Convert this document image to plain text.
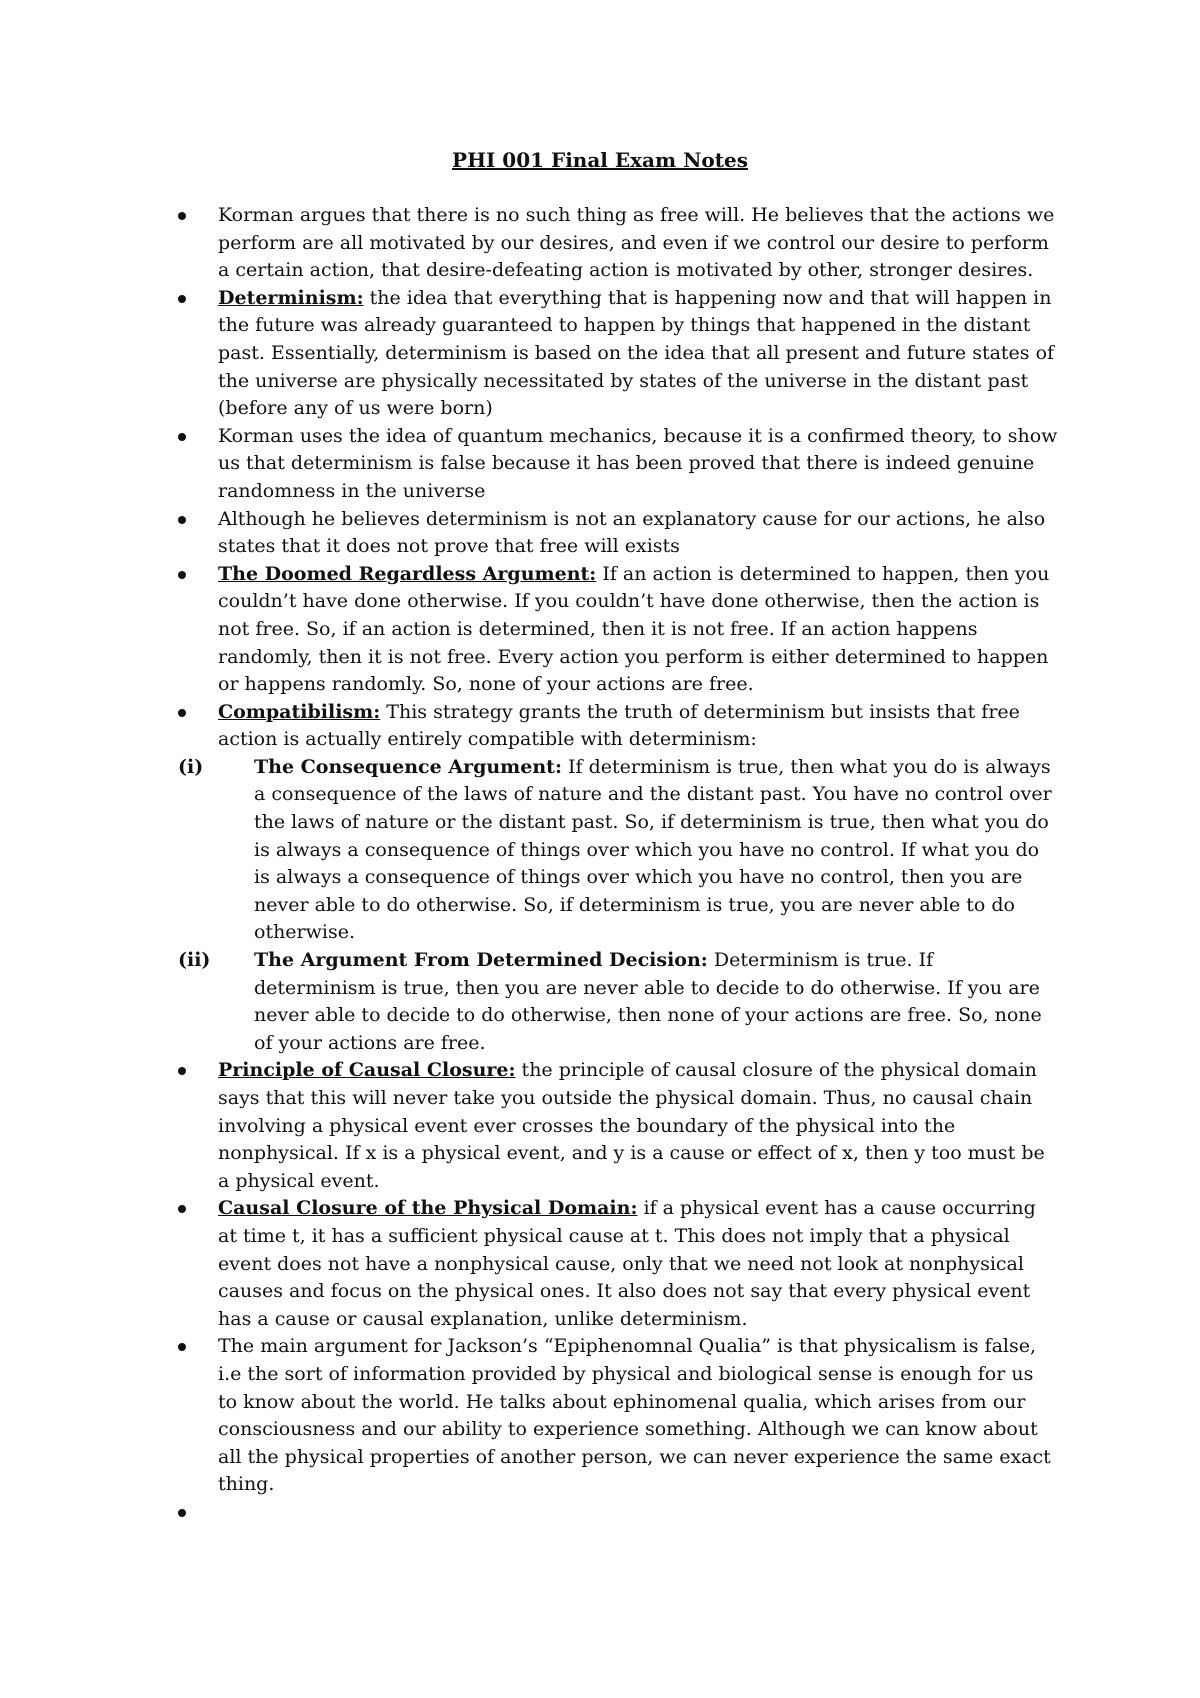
PHI 001 Final Exam Notes
Korman argues that there is no such thing as free will. He believes that the actions we perform are all motivated by our desires, and even if we control our desire to perform a certain action, that desire-defeating action is motivated by other, stronger desires.
Determinism: the idea that everything that is happening now and that will happen in the future was already guaranteed to happen by things that happened in the distant past. Essentially, determinism is based on the idea that all present and future states of the universe are physically necessitated by states of the universe in the distant past (before any of us were born)
Korman uses the idea of quantum mechanics, because it is a confirmed theory, to show us that determinism is false because it has been proved that there is indeed genuine randomness in the universe
Although he believes determinism is not an explanatory cause for our actions, he also states that it does not prove that free will exists
The Doomed Regardless Argument: If an action is determined to happen, then you couldn’t have done otherwise. If you couldn’t have done otherwise, then the action is not free. So, if an action is determined, then it is not free. If an action happens randomly, then it is not free. Every action you perform is either determined to happen or happens randomly. So, none of your actions are free.
Compatibilism: This strategy grants the truth of determinism but insists that free action is actually entirely compatible with determinism:
(i)	The Consequence Argument: If determinism is true, then what you do is always a consequence of the laws of nature and the distant past. You have no control over the laws of nature or the distant past. So, if determinism is true, then what you do is always a consequence of things over which you have no control. If what you do is always a consequence of things over which you have no control, then you are never able to do otherwise. So, if determinism is true, you are never able to do otherwise.
(ii) The Argument From Determined Decision: Determinism is true. If determinism is true, then you are never able to decide to do otherwise. If you are never able to decide to do otherwise, then none of your actions are free. So, none of your actions are free.
Principle of Causal Closure: the principle of causal closure of the physical domain says that this will never take you outside the physical domain. Thus, no causal chain involving a physical event ever crosses the boundary of the physical into the nonphysical. If x is a physical event, and y is a cause or effect of x, then y too must be a physical event.
Causal Closure of the Physical Domain: if a physical event has a cause occurring at time t, it has a sufficient physical cause at t. This does not imply that a physical event does not have a nonphysical cause, only that we need not look at nonphysical causes and focus on the physical ones. It also does not say that every physical event has a cause or causal explanation, unlike determinism.
The main argument for Jackson’s “Epiphenomnal Qualia” is that physicalism is false, i.e the sort of information provided by physical and biological sense is enough for us to know about the world. He talks about ephinomenal qualia, which arises from our consciousness and our ability to experience something. Although we can know about all the physical properties of another person, we can never experience the same exact thing.
